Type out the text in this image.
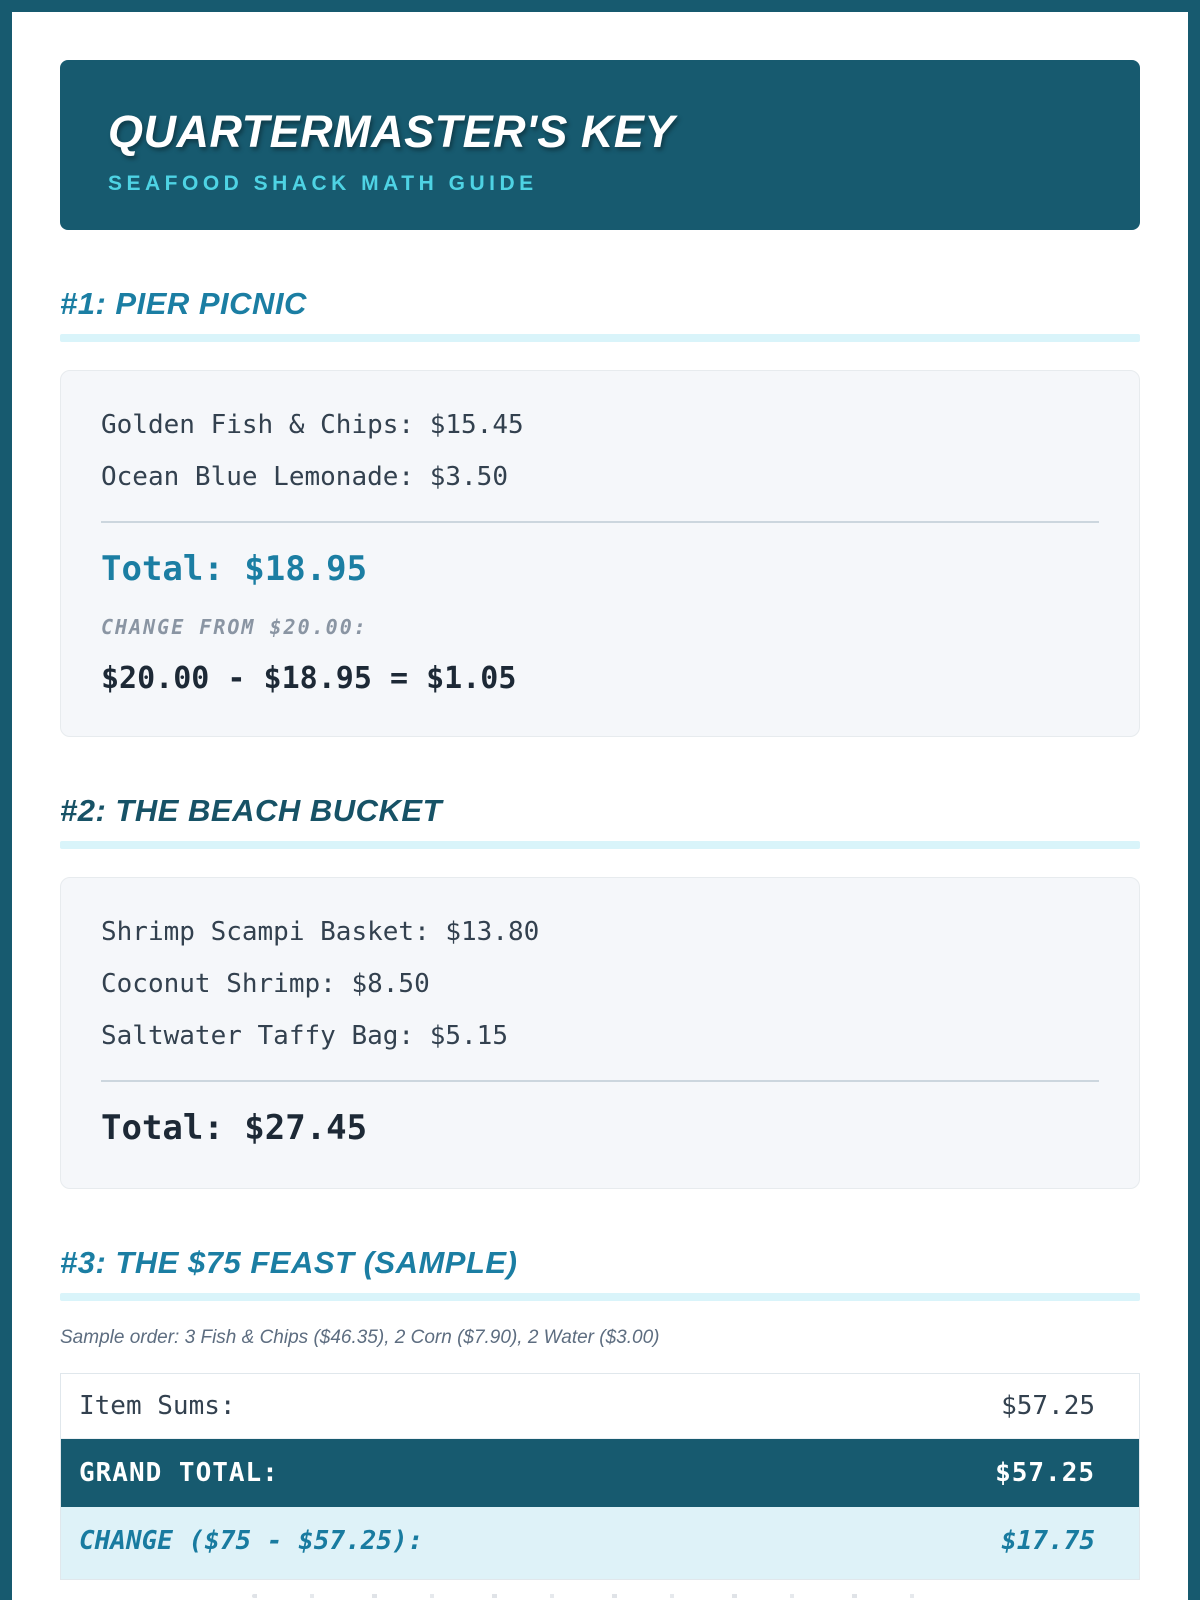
QUARTERMASTER'S KEY
SEAFOOD SHACK MATH GUIDE
#1: PIER PICNIC

Golden Fish & Chips: $15.45

Ocean Blue Lemonade: $3.50

Total: $18.95

CHANGE FROM $20.00:

$20.00 - $18.95 = $1.05

#2: THE BEACH BUCKET

Shrimp Scampi Basket: $13.80

Coconut Shrimp: $8.50

Saltwater Taffy Bag: $5.15

Total: $27.45

#3: THE $75 FEAST (SAMPLE)

Sample order: 3 Fish & Chips ($46.35), 2 Corn ($7.90), 2 Water ($3.00)

Item Sums:	$57.25
GRAND TOTAL:	$57.25
CHANGE ($75 - $57.25):	$17.75
